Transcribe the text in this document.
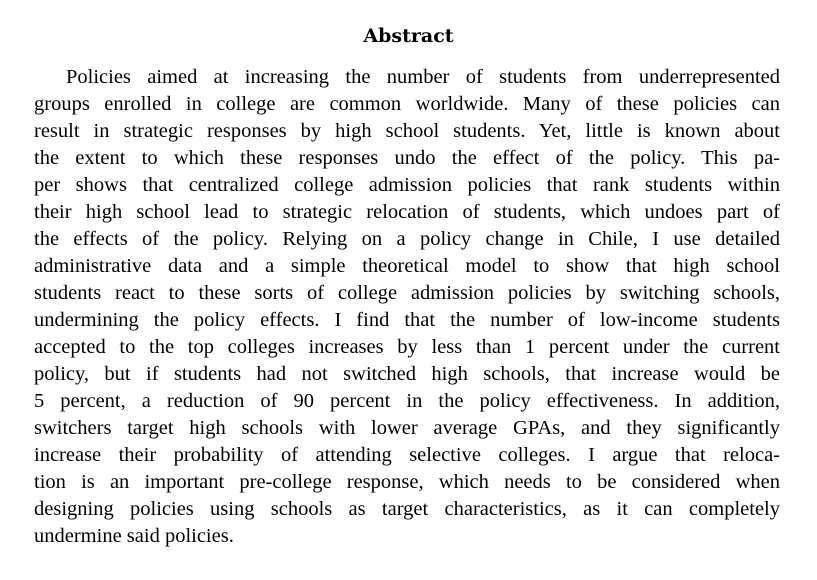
Abstract
Policies aimed at increasing the number of students from underrepresented
groups enrolled in college are common worldwide. Many of these policies can
result in strategic responses by high school students. Yet, little is known about
the extent to which these responses undo the effect of the policy. This pa-
per shows that centralized college admission policies that rank students within
their high school lead to strategic relocation of students, which undoes part of
the effects of the policy. Relying on a policy change in Chile, I use detailed
administrative data and a simple theoretical model to show that high school
students react to these sorts of college admission policies by switching schools,
undermining the policy effects. I find that the number of low-income students
accepted to the top colleges increases by less than 1 percent under the current
policy, but if students had not switched high schools, that increase would be
5 percent, a reduction of 90 percent in the policy effectiveness. In addition,
switchers target high schools with lower average GPAs, and they significantly
increase their probability of attending selective colleges. I argue that reloca-
tion is an important pre-college response, which needs to be considered when
designing policies using schools as target characteristics, as it can completely
undermine said policies.
